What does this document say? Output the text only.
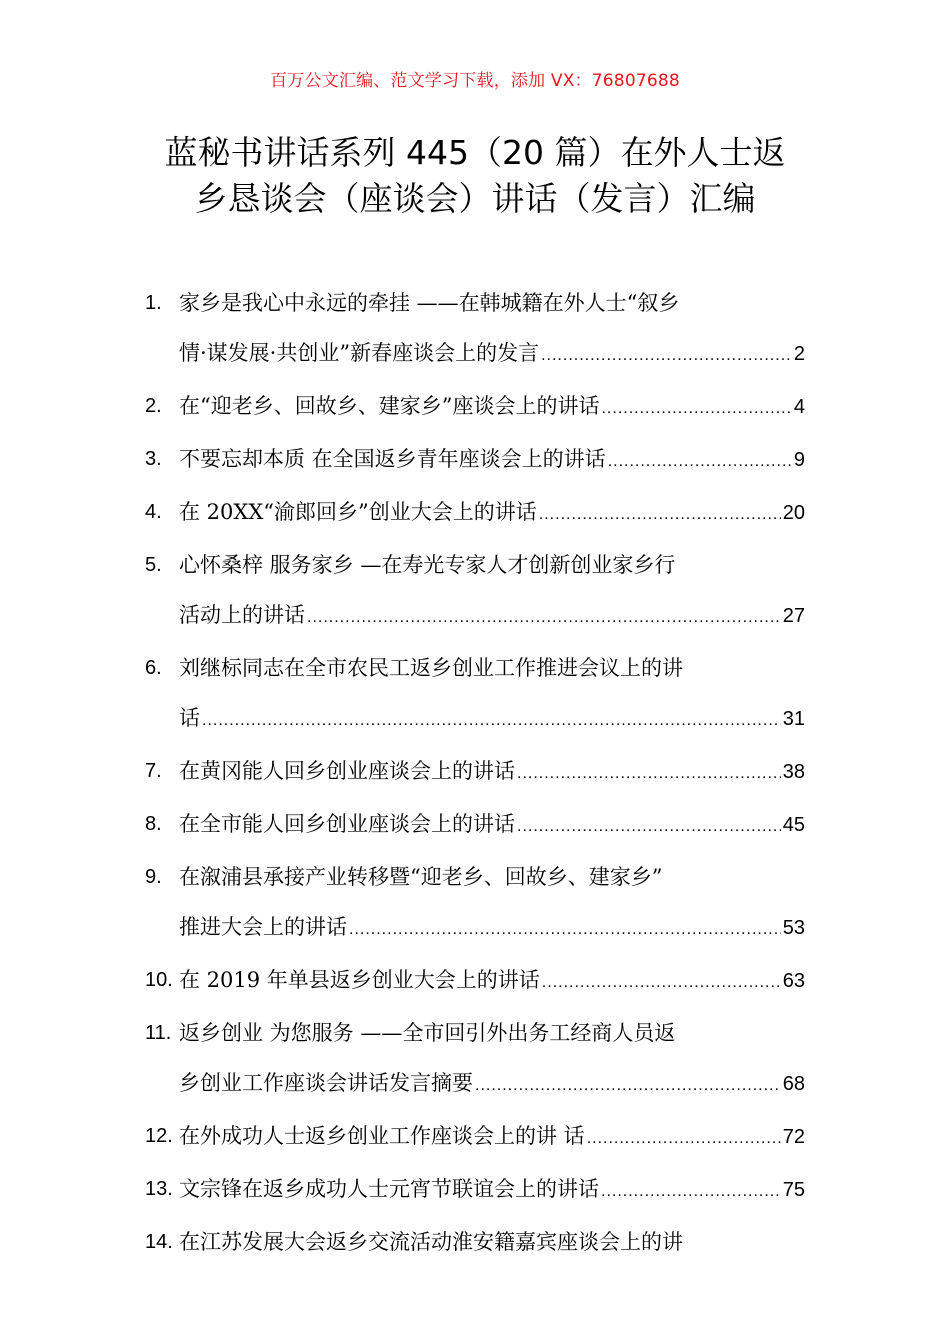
百万公文汇编、范文学习下载，添加 VX：76807688
蓝秘书讲话系列 445（20 篇）在外人士返
乡恳谈会（座谈会）讲话（发言）汇编
1. 家乡是我心中永远的牵挂 ——在韩城籍在外人士“叙乡
情·谋发展·共创业”新春座谈会上的发言 .....	2
2. 在“迎老乡、回故乡、建家乡”座谈会上的讲话 .....	4
3. 不要忘却本质 在全国返乡青年座谈会上的讲话 .....	9
4. 在 20XX“渝郎回乡”创业大会上的讲话 .....	20
5. 心怀桑梓 服务家乡 —在寿光专家人才创新创业家乡行
活动上的讲话 .....	27
6. 刘继标同志在全市农民工返乡创业工作推进会议上的讲
话 .....	31
7. 在黄冈能人回乡创业座谈会上的讲话 .....	38
8. 在全市能人回乡创业座谈会上的讲话 .....	45
9. 在溆浦县承接产业转移暨“迎老乡、回故乡、建家乡”
推进大会上的讲话 .....	53
10. 在 2019 年单县返乡创业大会上的讲话 .....	63
11. 返乡创业 为您服务 ——全市回引外出务工经商人员返
乡创业工作座谈会讲话发言摘要 .....	68
12. 在外成功人士返乡创业工作座谈会上的讲 话 .....	72
13. 文宗锋在返乡成功人士元宵节联谊会上的讲话 .....	75
14. 在江苏发展大会返乡交流活动淮安籍嘉宾座谈会上的讲
